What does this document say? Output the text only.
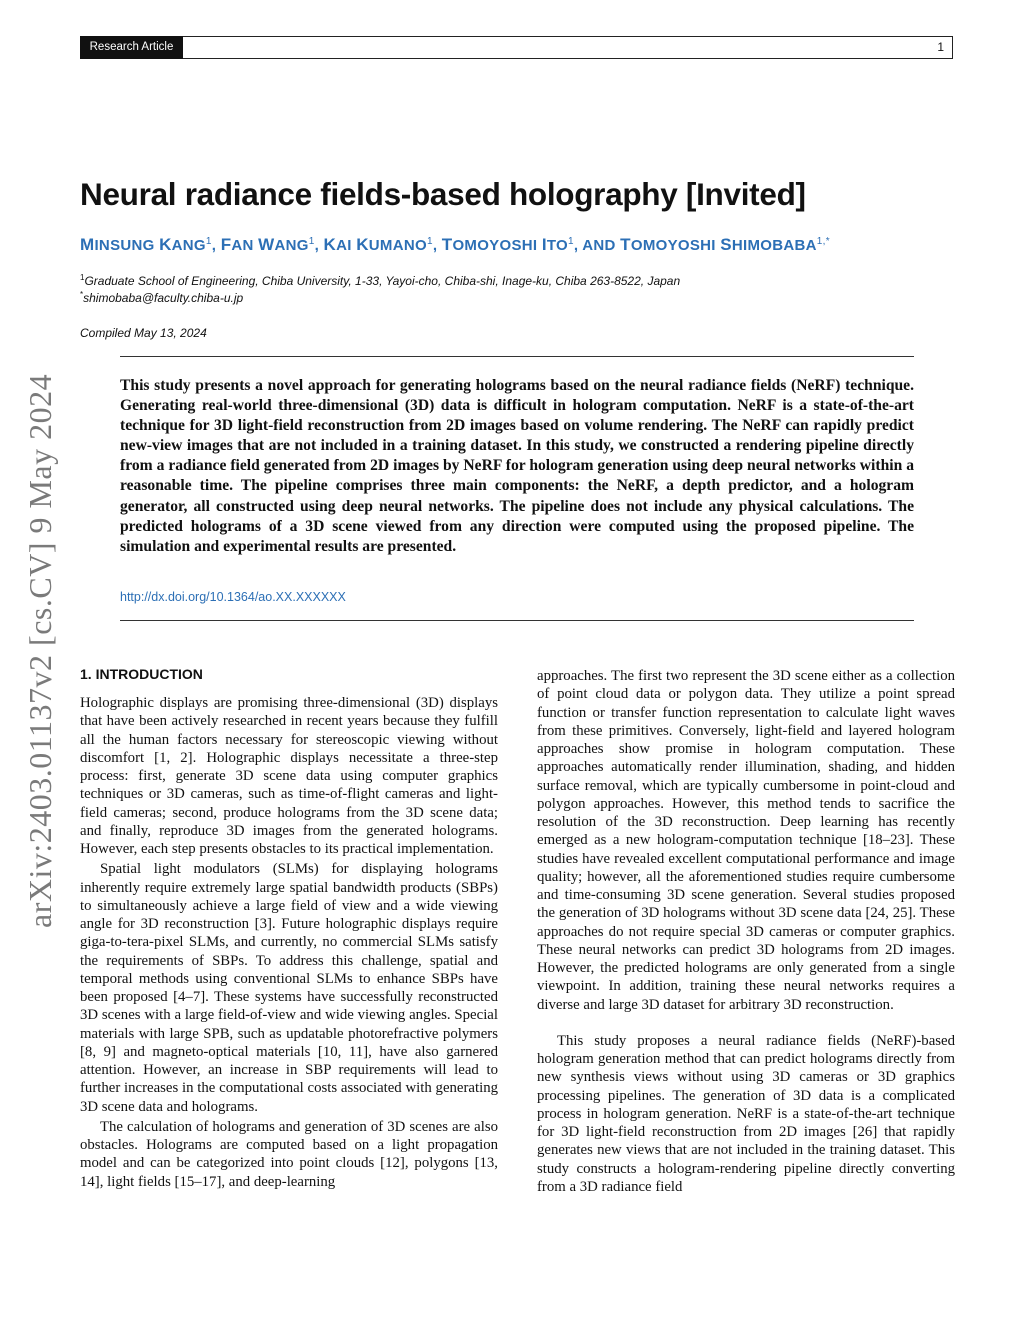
Research Article	1
arXiv:2403.01137v2 [cs.CV] 9 May 2024
Neural radiance fields-based holography [Invited]
MINSUNG KANG$^1$, FAN WANG$^1$, KAI KUMANO$^1$, TOMOYOSHI ITO$^1$, AND TOMOYOSHI $SHIMOBABA^{1,*}$
$^1$Graduate School of Engineering, Chiba University, 1-33, Yayoi-cho, Chiba-shi, Inage-ku, Chiba 263-8522, Japan
*shimobaba@faculty.chiba-u.jp
Compiled May 13, 2024

This study presents a novel approach for generating holograms based on the neural radiance fields (NeRF) technique. Generating real-world three-dimensional (3D) data is difficult in hologram computation. NeRF is a state-of-the-art technique for 3D light-field reconstruction from 2D images based on volume rendering. The NeRF can rapidly predict new-view images that are not included in a training dataset. In this study, we constructed a rendering pipeline directly from a radiance field generated from 2D images by NeRF for hologram generation using deep neural networks within a reasonable time. The pipeline comprises three main components: the NeRF, a depth predictor, and a hologram generator, all constructed using deep neural networks. The pipeline does not include any physical calculations. The predicted holograms of a 3D scene viewed from any direction were computed using the proposed pipeline. The simulation and experimental results are presented.

http://dx.doi.org/10.1364/ao.XX.XXXXXX
1. INTRODUCTION

Holographic displays are promising three-dimensional (3D) displays that have been actively researched in recent years because they fulfill all the human factors necessary for stereoscopic viewing without discomfort [1, 2]. Holographic displays necessitate a three-step process: first, generate 3D scene data using computer graphics techniques or 3D cameras, such as time-of-flight cameras and light-field cameras; second, produce holograms from the 3D scene data; and finally, reproduce 3D images from the generated holograms. However, each step presents obstacles to its practical implementation.

Spatial light modulators (SLMs) for displaying holograms inherently require extremely large spatial bandwidth products (SBPs) to simultaneously achieve a large field of view and a wide viewing angle for 3D reconstruction [3]. Future holographic displays require giga-to-tera-pixel SLMs, and currently, no commercial SLMs satisfy the requirements of SBPs. To address this challenge, spatial and temporal methods using conventional SLMs to enhance SBPs have been proposed [4–7]. These systems have successfully reconstructed 3D scenes with a large field-of-view and wide viewing angles. Special materials with large SPB, such as updatable photorefractive polymers [8, 9] and magneto-optical materials [10, 11], have also garnered attention. However, an increase in SBP requirements will lead to further increases in the computational costs associated with generating 3D scene data and holograms.

The calculation of holograms and generation of 3D scenes are also obstacles. Holograms are computed based on a light propagation model and can be categorized into point clouds [12], polygons [13, 14], light fields [15–17], and deep-learning

approaches. The first two represent the 3D scene either as a collection of point cloud data or polygon data. They utilize a point spread function or transfer function representation to calculate light waves from these primitives. Conversely, light-field and layered hologram approaches show promise in hologram computation. These approaches automatically render illumination, shading, and hidden surface removal, which are typically cumbersome in point-cloud and polygon approaches. However, this method tends to sacrifice the resolution of the 3D reconstruction. Deep learning has recently emerged as a new hologram-computation technique [18–23]. These studies have revealed excellent computational performance and image quality; however, all the aforementioned studies require cumbersome and time-consuming 3D scene generation. Several studies proposed the generation of 3D holograms without 3D scene data [24, 25]. These approaches do not require special 3D cameras or computer graphics. These neural networks can predict 3D holograms from 2D images. However, the predicted holograms are only generated from a single viewpoint. In addition, training these neural networks requires a diverse and large 3D dataset for arbitrary 3D reconstruction.

This study proposes a neural radiance fields (NeRF)-based hologram generation method that can predict holograms directly from new synthesis views without using 3D cameras or 3D graphics processing pipelines. The generation of 3D data is a complicated process in hologram generation. NeRF is a state-of-the-art technique for 3D light-field reconstruction from 2D images [26] that rapidly generates new views that are not included in the training dataset. This study constructs a hologram-rendering pipeline directly converting from a 3D radiance field
